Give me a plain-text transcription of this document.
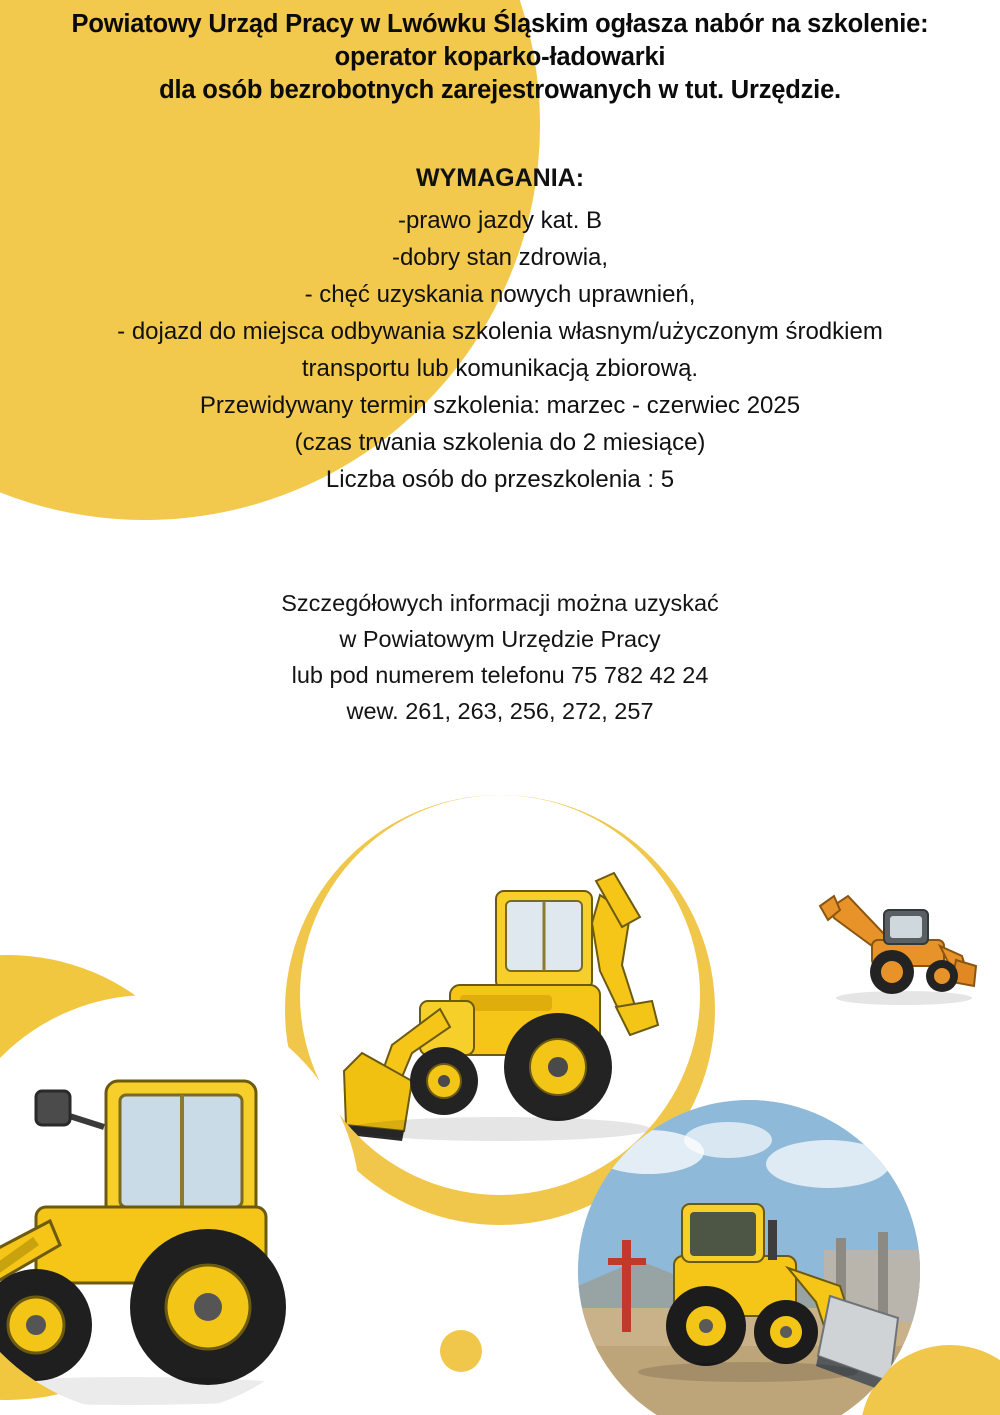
Powiatowy Urząd Pracy w Lwówku Śląskim ogłasza nabór na szkolenie:
operator koparko-ładowarki
dla osób bezrobotnych zarejestrowanych w tut. Urzędzie.
WYMAGANIA:
-prawo jazdy kat. B
-dobry stan zdrowia,
- chęć uzyskania nowych uprawnień,
- dojazd do miejsca odbywania szkolenia własnym/użyczonym środkiem
transportu lub komunikacją zbiorową.
Przewidywany termin szkolenia: marzec - czerwiec 2025
(czas trwania szkolenia do 2 miesiące)
Liczba osób do przeszkolenia : 5
Szczegółowych informacji można uzyskać
w Powiatowym Urzędzie Pracy
lub pod numerem telefonu 75 782 42 24
wew. 261, 263, 256, 272, 257
